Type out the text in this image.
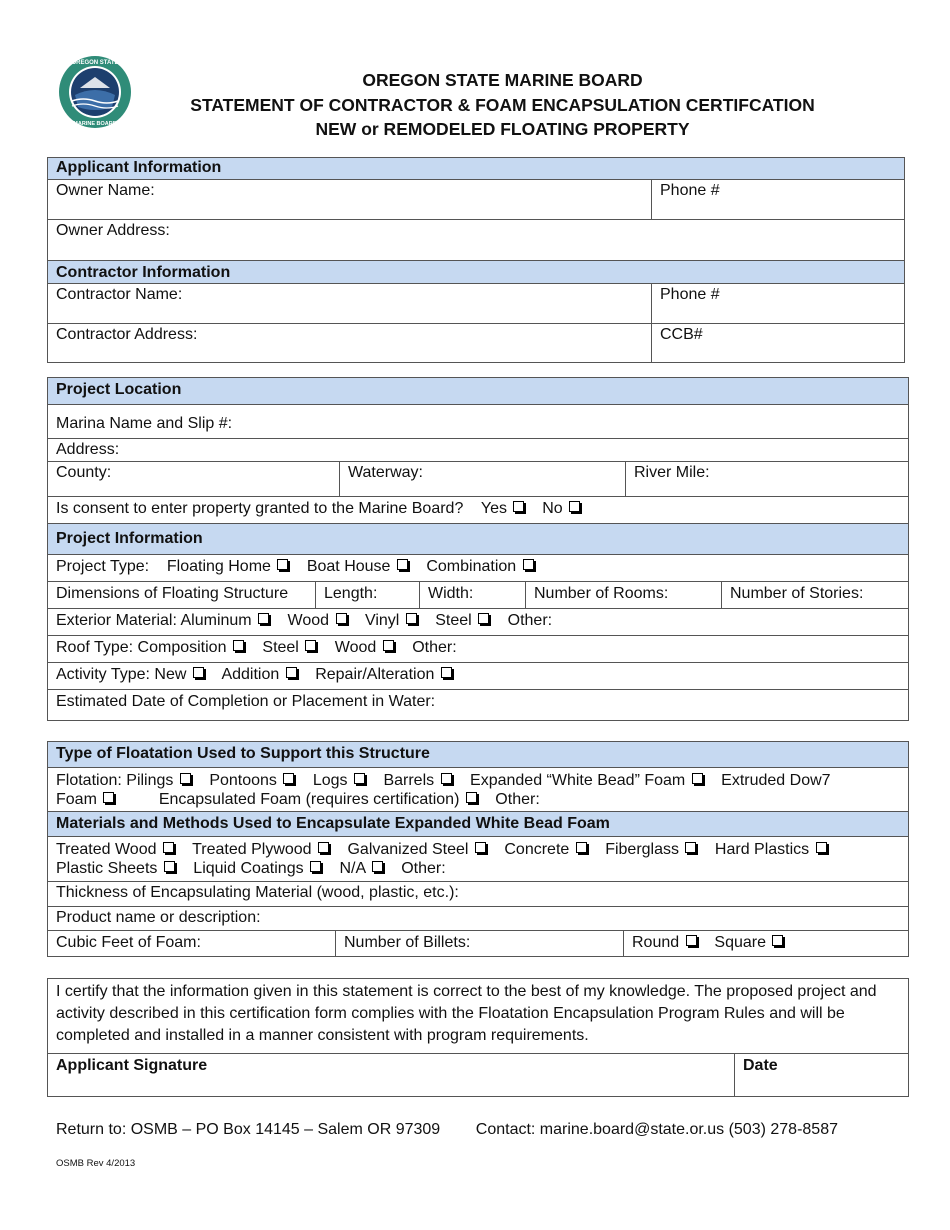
OREGON STATE
MARINE BOARD
OREGON STATE MARINE BOARD
STATEMENT OF CONTRACTOR & FOAM ENCAPSULATION CERTIFCATION
NEW or REMODELED FLOATING PROPERTY
Applicant Information
Owner Name:	Phone #
Owner Address:
Contractor Information
Contractor Name:	Phone #
Contractor Address:	CCB#
Project Location
Marina Name and Slip #:
Address:
County:	Waterway:	River Mile:
Is consent to enter property granted to the Marine Board? Yes No
Project Information
Project Type: Floating Home Boat House Combination
Dimensions of Floating Structure	Length:	Width:	Number of Rooms:	Number of Stories:
Exterior Material: Aluminum Wood Vinyl Steel Other:
Roof Type: Composition Steel Wood Other:
Activity Type: New Addition Repair/Alteration
Estimated Date of Completion or Placement in Water:
Type of Floatation Used to Support this Structure
Flotation: Pilings Pontoons Logs Barrels Expanded “White Bead” Foam Extruded Dow7
Foam	Encapsulated Foam (requires certification) Other:
Materials and Methods Used to Encapsulate Expanded White Bead Foam
Treated Wood Treated Plywood Galvanized Steel Concrete Fiberglass Hard Plastics
Plastic Sheets Liquid Coatings N/A Other:
Thickness of Encapsulating Material (wood, plastic, etc.):
Product name or description:
Cubic Feet of Foam:	Number of Billets:	Round Square
I certify that the information given in this statement is correct to the best of my knowledge. The proposed project and activity described in this certification form complies with the Floatation Encapsulation Program Rules and will be completed and installed in a manner consistent with program requirements.
Applicant Signature	Date
Return to: OSMB – PO Box 14145 – Salem OR 97309 Contact: marine.board@state.or.us (503) 278-8587
OSMB Rev 4/2013
